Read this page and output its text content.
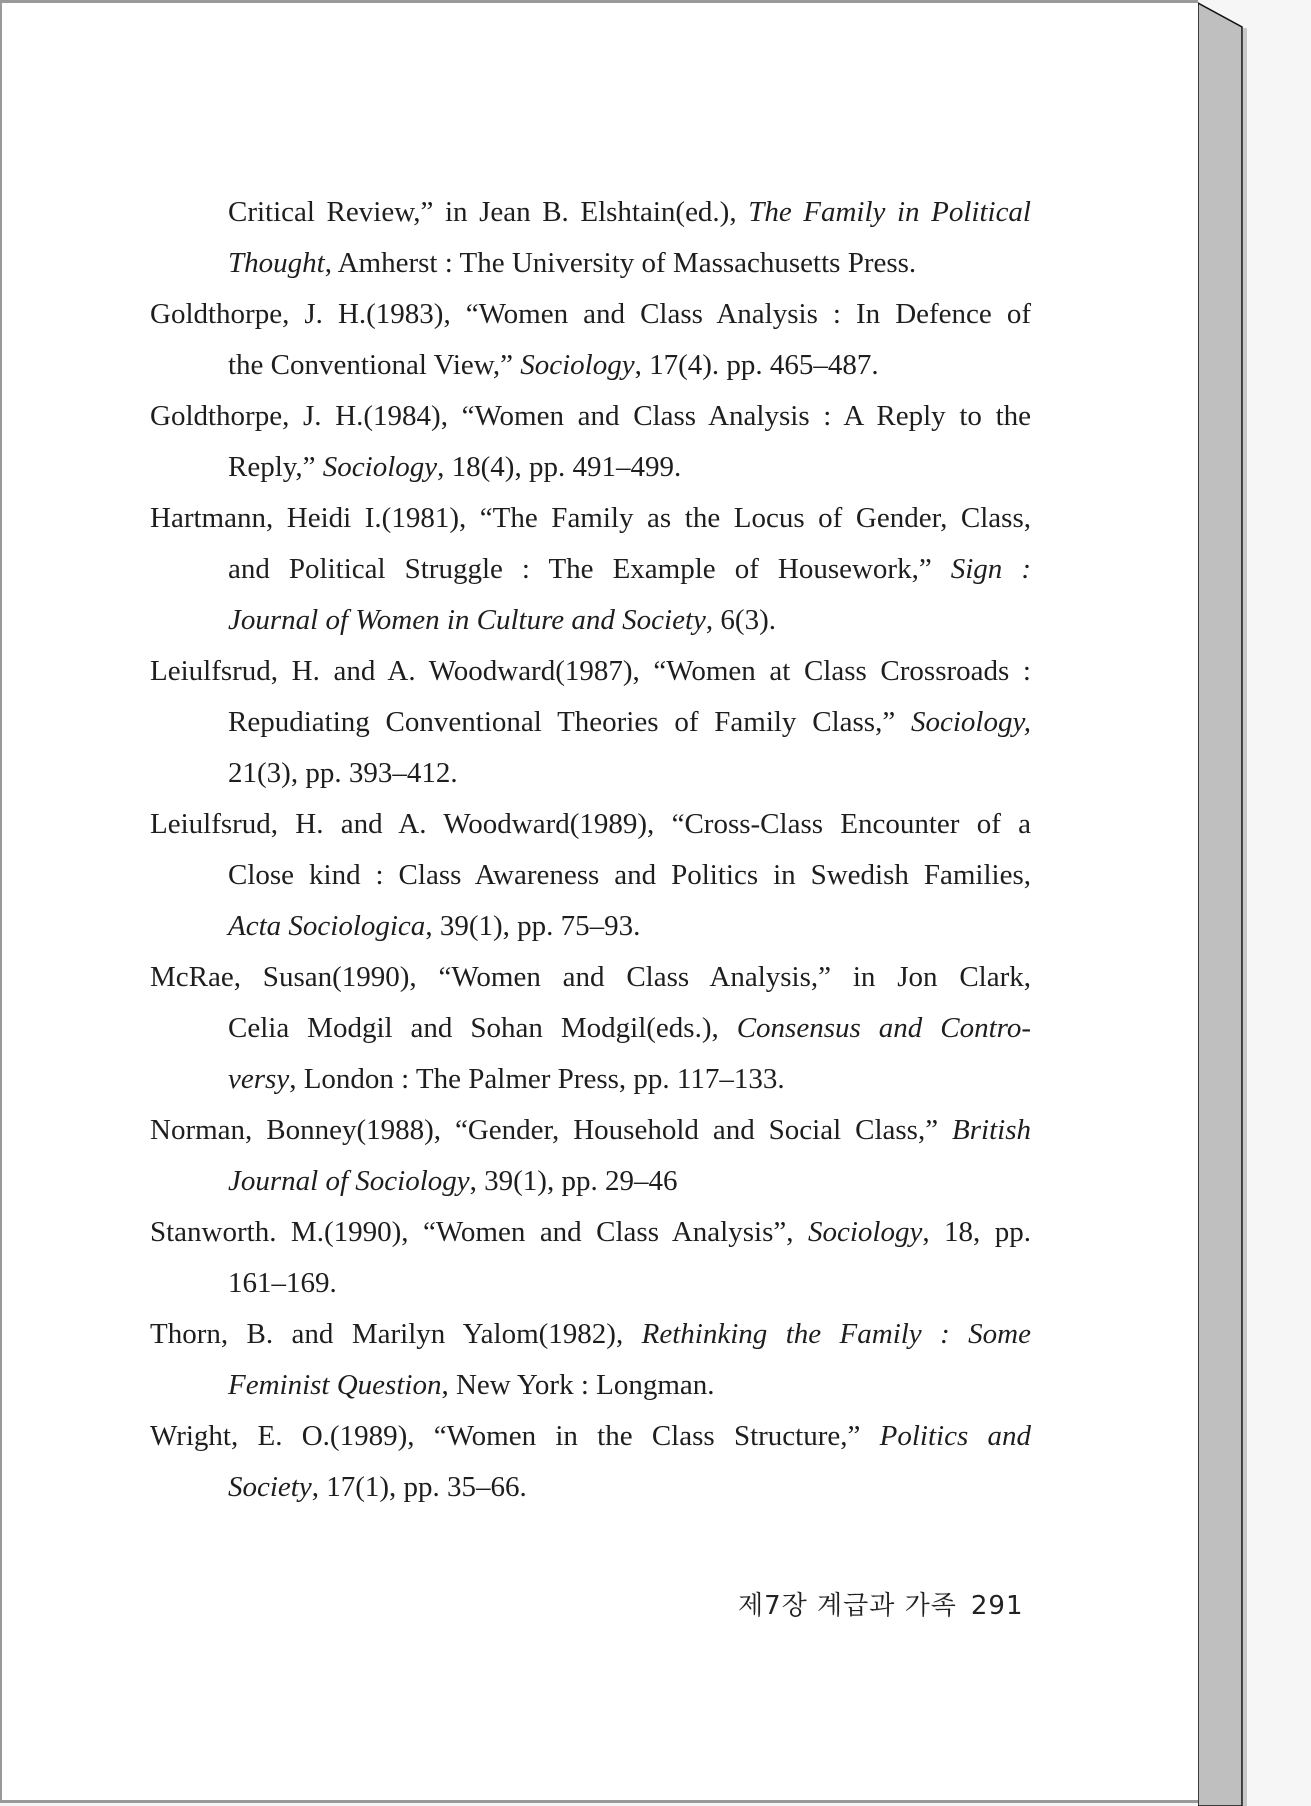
Critical Review,” in Jean B. Elshtain(ed.), The Family in Political
Thought, Amherst : The University of Massachusetts Press.
Goldthorpe, J. H.(1983), “Women and Class Analysis : In Defence of
the Conventional View,” Sociology, 17(4). pp. 465–487.
Goldthorpe, J. H.(1984), “Women and Class Analysis : A Reply to the
Reply,” Sociology, 18(4), pp. 491–499.
Hartmann, Heidi I.(1981), “The Family as the Locus of Gender, Class,
and Political Struggle : The Example of Housework,” Sign :
Journal of Women in Culture and Society, 6(3).
Leiulfsrud, H. and A. Woodward(1987), “Women at Class Crossroads :
Repudiating Conventional Theories of Family Class,” Sociology,
21(3), pp. 393–412.
Leiulfsrud, H. and A. Woodward(1989), “Cross-Class Encounter of a
Close kind : Class Awareness and Politics in Swedish Families,
Acta Sociologica, 39(1), pp. 75–93.
McRae, Susan(1990), “Women and Class Analysis,” in Jon Clark,
Celia Modgil and Sohan Modgil(eds.), Consensus and Contro-
versy, London : The Palmer Press, pp. 117–133.
Norman, Bonney(1988), “Gender, Household and Social Class,” British
Journal of Sociology, 39(1), pp. 29–46
Stanworth. M.(1990), “Women and Class Analysis”, Sociology, 18, pp.
161–169.
Thorn, B. and Marilyn Yalom(1982), Rethinking the Family : Some
Feminist Question, New York : Longman.
Wright, E. O.(1989), “Women in the Class Structure,” Politics and
Society, 17(1), pp. 35–66.
제7장 계급과 가족 291
